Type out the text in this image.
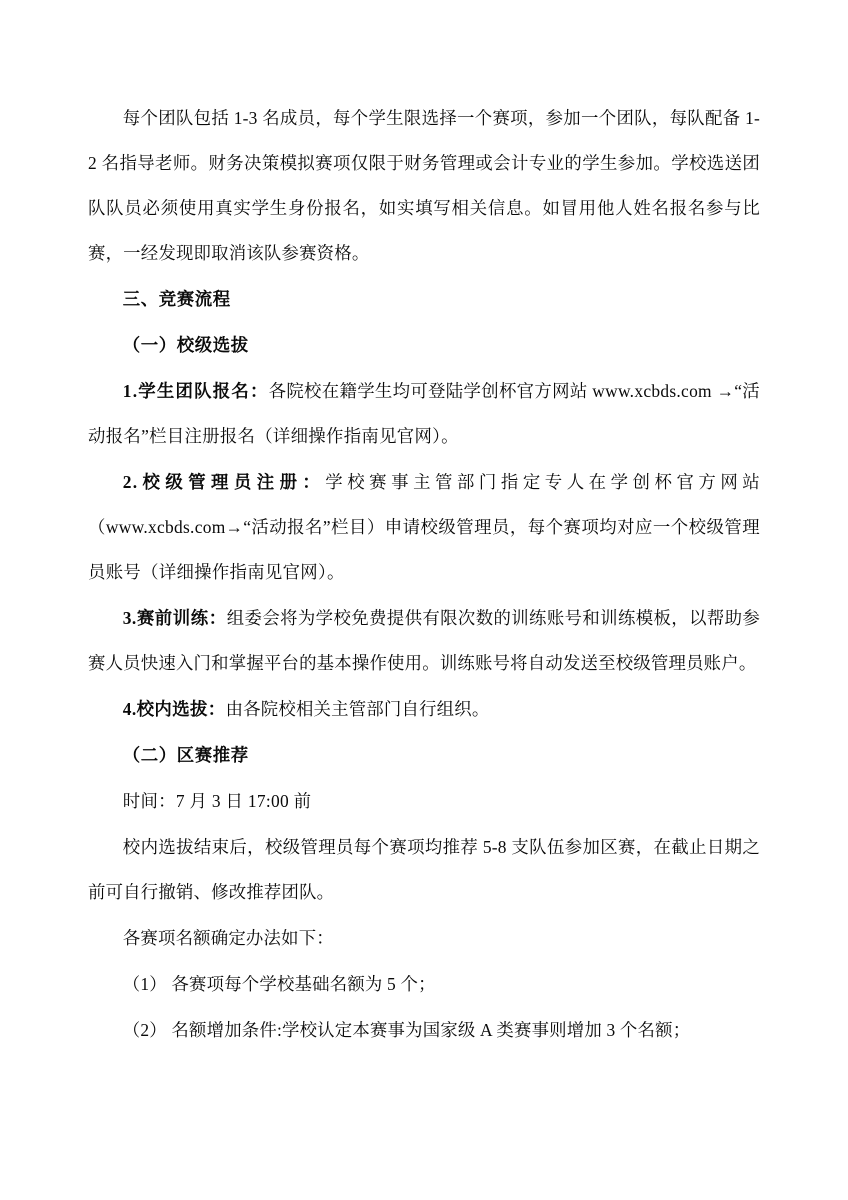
每个团队包括 1-3 名成员，每个学生限选择一个赛项，参加一个团队，每队配备 1-2 名指导老师。财务决策模拟赛项仅限于财务管理或会计专业的学生参加。学校选送团队队员必须使用真实学生身份报名，如实填写相关信息。如冒用他人姓名报名参与比赛，一经发现即取消该队参赛资格。

三、竞赛流程

（一）校级选拔

1.学生团队报名：各院校在籍学生均可登陆学创杯官方网站 www.xcbds.com →“活动报名”栏目注册报名（详细操作指南见官网）。

2.校级管理员注册：学校赛事主管部门指定专人在学创杯官方网站（www.xcbds.com→“活动报名”栏目）申请校级管理员，每个赛项均对应一个校级管理员账号（详细操作指南见官网）。

3.赛前训练：组委会将为学校免费提供有限次数的训练账号和训练模板，以帮助参赛人员快速入门和掌握平台的基本操作使用。训练账号将自动发送至校级管理员账户。

4.校内选拔：由各院校相关主管部门自行组织。

（二）区赛推荐

时间：7 月 3 日 17:00 前

校内选拔结束后，校级管理员每个赛项均推荐 5-8 支队伍参加区赛，在截止日期之前可自行撤销、修改推荐团队。

各赛项名额确定办法如下：

（1） 各赛项每个学校基础名额为 5 个；

（2） 名额增加条件:学校认定本赛事为国家级 A 类赛事则增加 3 个名额；
